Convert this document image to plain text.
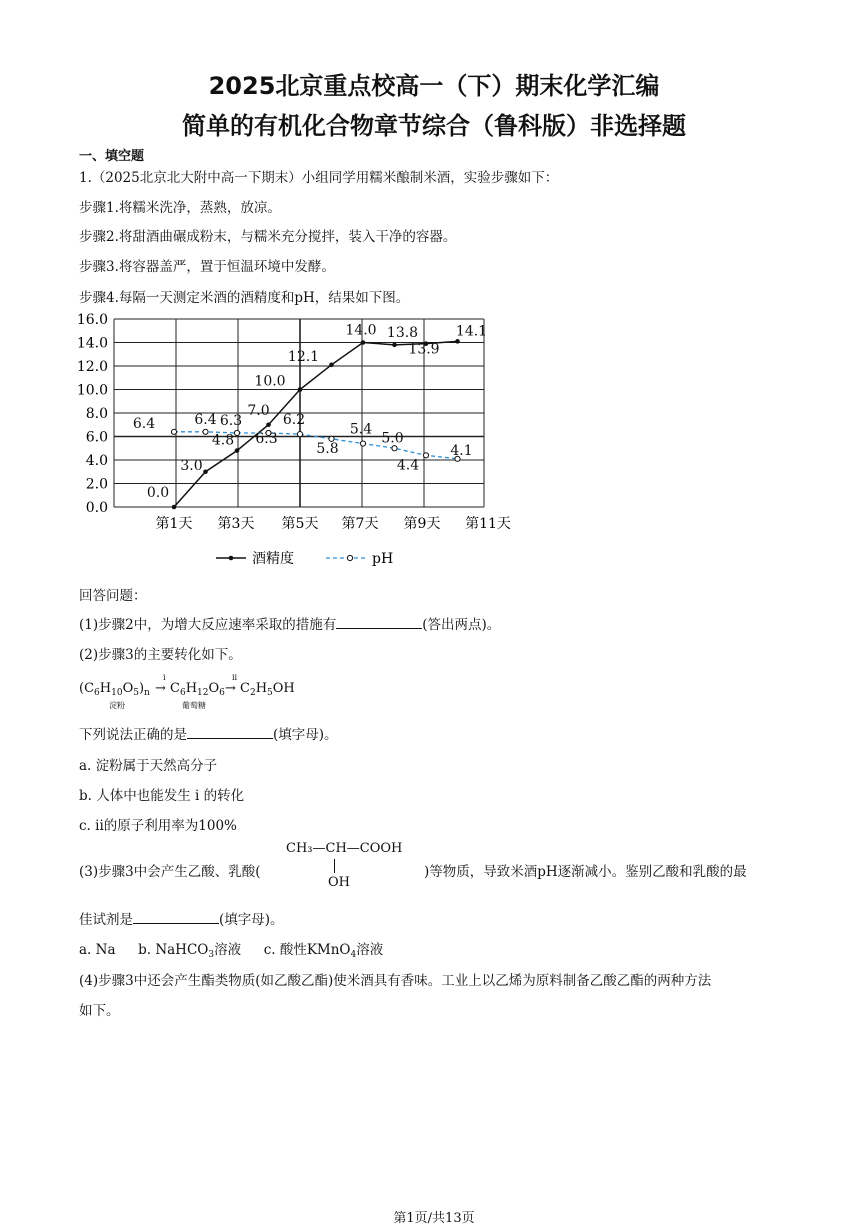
2025北京重点校高一（下）期末化学汇编
简单的有机化合物章节综合（鲁科版）非选择题
一、填空题
1.（2025北京北大附中高一下期末）小组同学用糯米酿制米酒，实验步骤如下：
步骤1.将糯米洗净，蒸熟，放凉。
步骤2.将甜酒曲碾成粉末，与糯米充分搅拌，装入干净的容器。
步骤3.将容器盖严，置于恒温环境中发酵。
步骤4.每隔一天测定米酒的酒精度和pH，结果如下图。
0.0
2.0
4.0
6.0
8.0
10.0
12.0
14.0
16.0
第1天 第3天 第5天 第7天 第9天 第11天
0.0
3.0
4.8
7.0
10.0
12.1
14.0 13.8
13.9
14.1
6.4	6.4 6.3
6.3
6.2
5.8
5.4
5.0
4.4
4.1
酒精度	pH
回答问题：
(1)步骤2中，为增大反应速率采取的措施有	(答出两点)。
(2)步骤3的主要转化如下。
$(C_6H_{10}O_5)_n$
淀粉
i
→ $C_6H_{12}O_6$
葡萄糖
ii
→ $C_2H_5OH$
下列说法正确的是	(填字母)。
a. 淀粉属于天然高分子
b. 人体中也能发生 i 的转化
c. ii的原子利用率为100%
(3)步骤3中会产生乙酸、乳酸(
CH₃—CH—COOH
OH
)等物质，导致米酒pH逐渐减小。鉴别乙酸和乳酸的最
佳试剂是	(填字母)。
a. Na b. NaHCO$_3$溶液 c. 酸性KMnO$_4$溶液
(4)步骤3中还会产生酯类物质(如乙酸乙酯)使米酒具有香味。工业上以乙烯为原料制备乙酸乙酯的两种方法
如下。
第1页/共13页
